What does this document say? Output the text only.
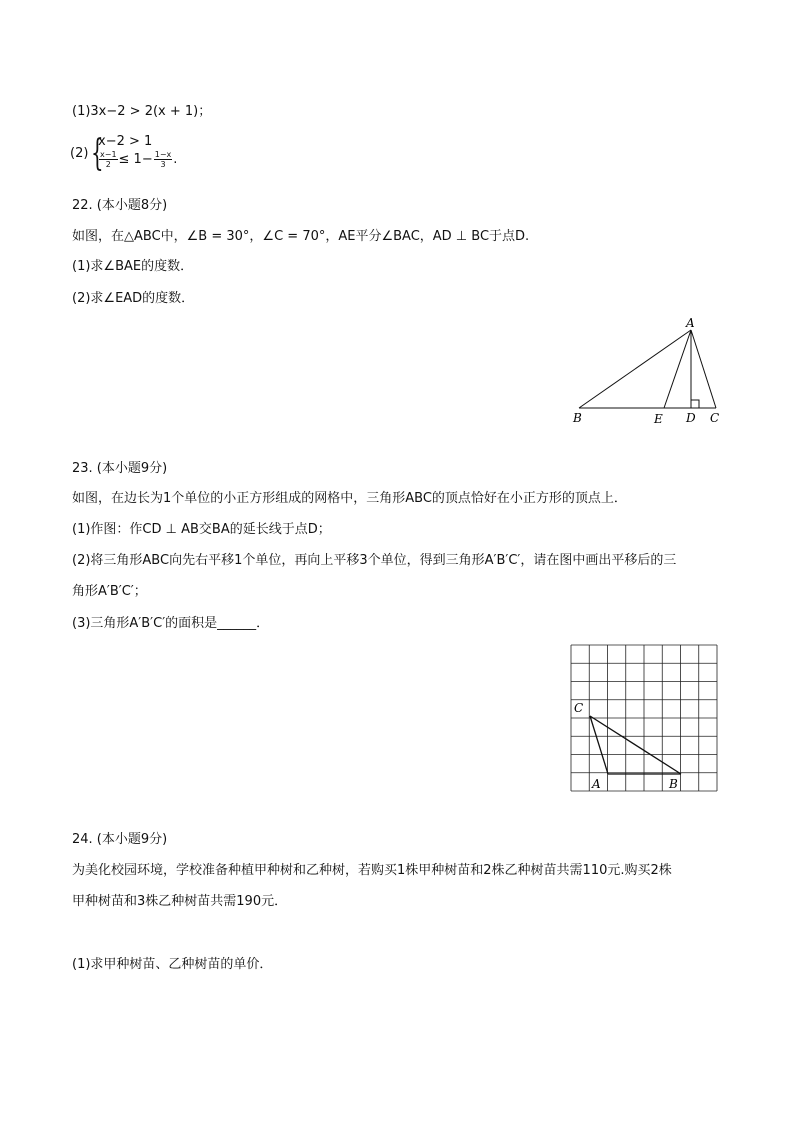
(1)3x−2 > 2(x + 1)；
(2) {
x−2 > 1
$\frac{x-1}{2} \le 1- \frac{1-x}{3}$ .
22. (本小题8分)
如图，在△ABC中，∠B = 30°，∠C = 70°，AE平分∠BAC，AD ⊥ BC于点D.
(1)求∠BAE的度数．
(2)求∠EAD的度数．
A
B	E D C
23. (本小题9分)
如图，在边长为1个单位的小正方形组成的网格中，三角形ABC的顶点恰好在小正方形的顶点上．
(1)作图：作CD ⊥ AB交BA的延长线于点D；
(2)将三角形ABC向先右平移1个单位，再向上平移3个单位，得到三角形A′B′C′，请在图中画出平移后的三
角形A′B′C′；
(3)三角形A′B′C′的面积是______．
C
A	B
24. (本小题9分)
为美化校园环境，学校准备种植甲种树和乙种树，若购买1株甲种树苗和2株乙种树苗共需110元.购买2株
甲种树苗和3株乙种树苗共需190元．
(1)求甲种树苗、乙种树苗的单价．
